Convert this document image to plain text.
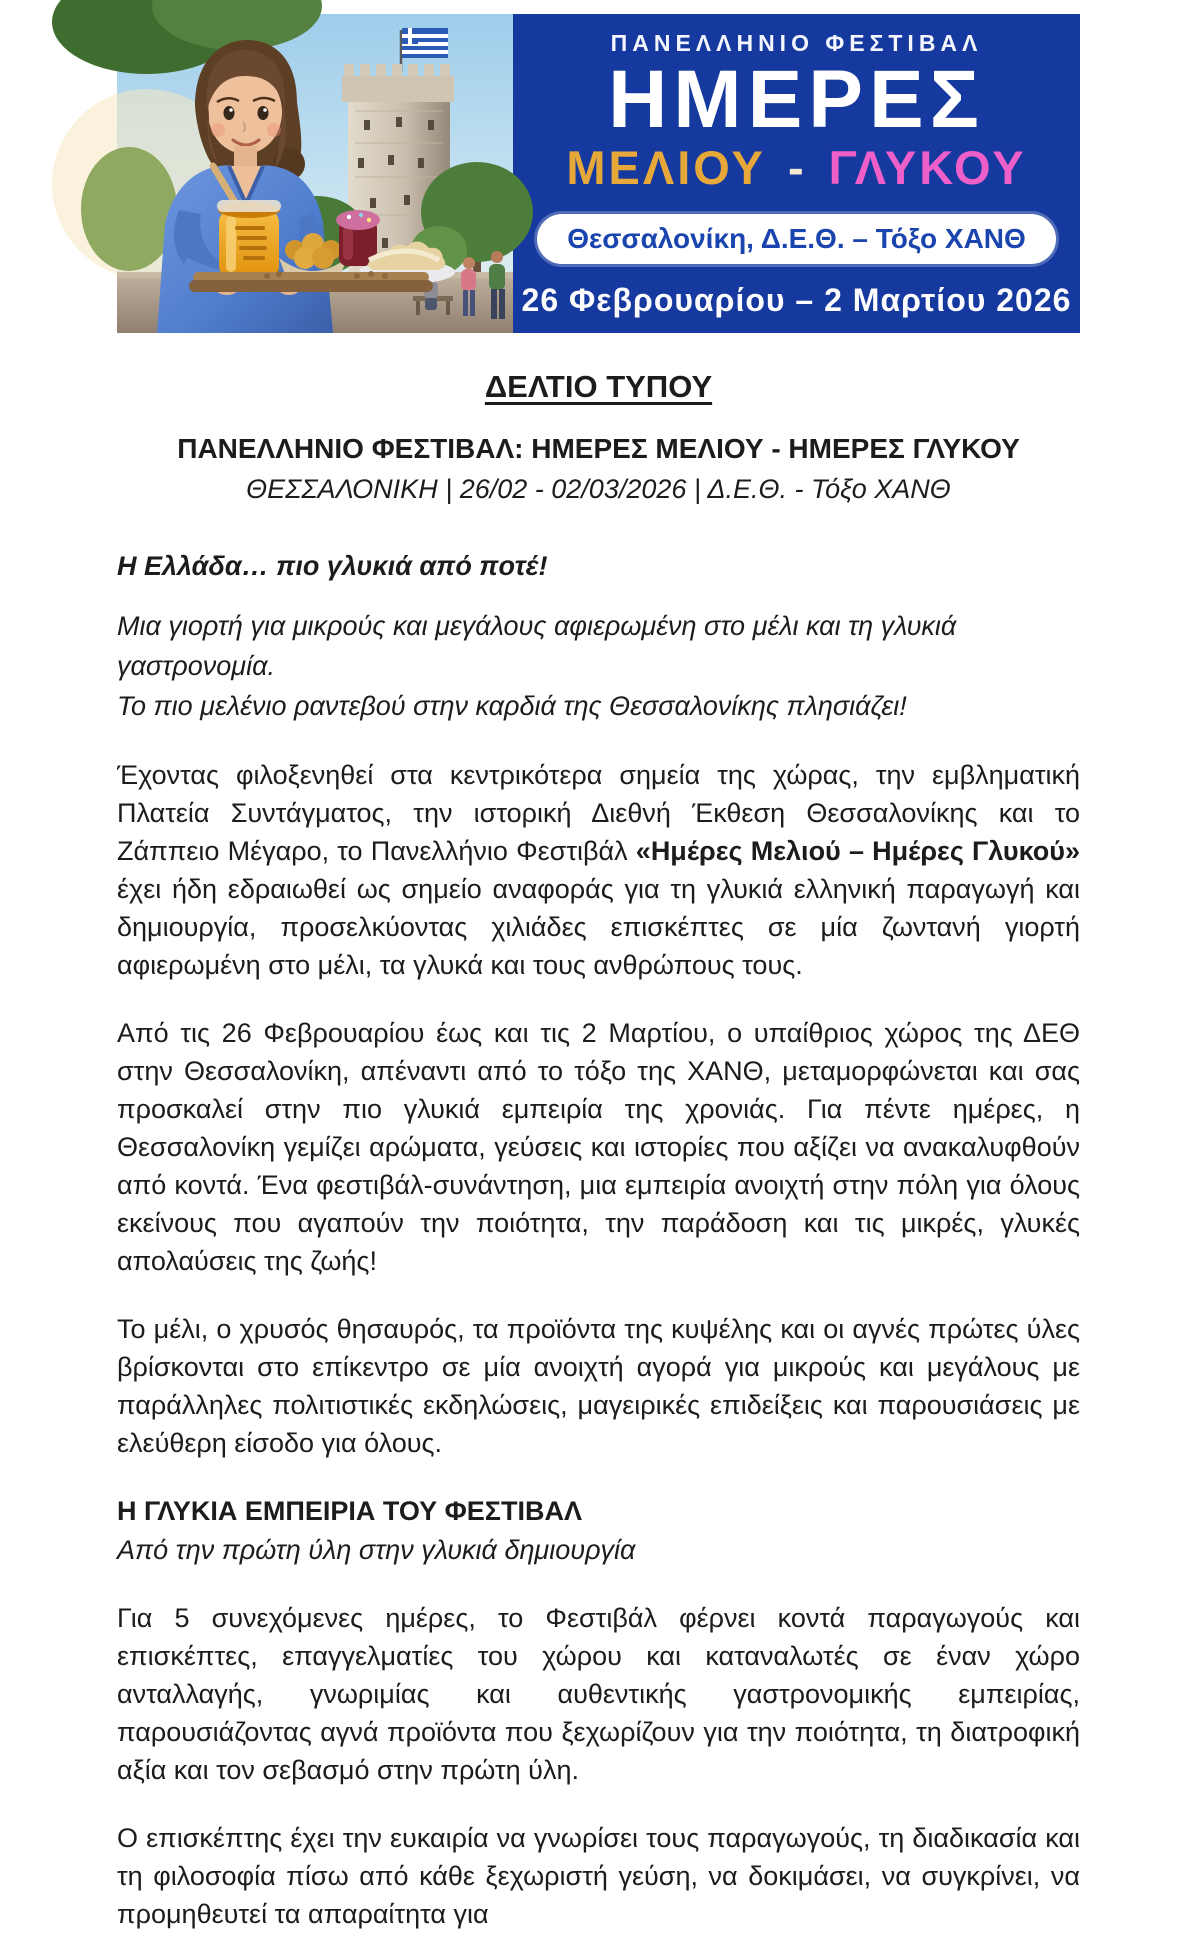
ΠΑΝΕΛΛΗΝΙΟ ΦΕΣΤΙΒΑΛ
ΗΜΕΡΕΣ
ΜΕΛΙΟΥ - ΓΛΥΚΟΥ
Θεσσαλονίκη, Δ.Ε.Θ. – Τόξο ΧΑΝΘ
26 Φεβρουαρίου – 2 Μαρτίου 2026
ΔΕΛΤΙΟ ΤΥΠΟΥ
ΠΑΝΕΛΛΗΝΙΟ ΦΕΣΤΙΒΑΛ: ΗΜΕΡΕΣ ΜΕΛΙΟΥ - ΗΜΕΡΕΣ ΓΛΥΚΟΥ
ΘΕΣΣΑΛΟΝΙΚΗ | 26/02 - 02/03/2026 | Δ.Ε.Θ. - Τόξο ΧΑΝΘ
Η Ελλάδα… πιο γλυκιά από ποτέ!
Μια γιορτή για μικρούς και μεγάλους αφιερωμένη στο μέλι και τη γλυκιά γαστρονομία.
Το πιο μελένιο ραντεβού στην καρδιά της Θεσσαλονίκης πλησιάζει!

Έχοντας φιλοξενηθεί στα κεντρικότερα σημεία της χώρας, την εμβληματική Πλατεία Συντάγματος, την ιστορική Διεθνή Έκθεση Θεσσαλονίκης και το Ζάππειο Μέγαρο, το Πανελλήνιο Φεστιβάλ «Ημέρες Μελιού – Ημέρες Γλυκού» έχει ήδη εδραιωθεί ως σημείο αναφοράς για τη γλυκιά ελληνική παραγωγή και δημιουργία, προσελκύοντας χιλιάδες επισκέπτες σε μία ζωντανή γιορτή αφιερωμένη στο μέλι, τα γλυκά και τους ανθρώπους τους.

Από τις 26 Φεβρουαρίου έως και τις 2 Μαρτίου, ο υπαίθριος χώρος της ΔΕΘ στην Θεσσαλονίκη, απέναντι από το τόξο της ΧΑΝΘ, μεταμορφώνεται και σας προσκαλεί στην πιο γλυκιά εμπειρία της χρονιάς. Για πέντε ημέρες, η Θεσσαλονίκη γεμίζει αρώματα, γεύσεις και ιστορίες που αξίζει να ανακαλυφθούν από κοντά. Ένα φεστιβάλ-συνάντηση, μια εμπειρία ανοιχτή στην πόλη για όλους εκείνους που αγαπούν την ποιότητα, την παράδοση και τις μικρές, γλυκές απολαύσεις της ζωής!

Το μέλι, ο χρυσός θησαυρός, τα προϊόντα της κυψέλης και οι αγνές πρώτες ύλες βρίσκονται στο επίκεντρο σε μία ανοιχτή αγορά για μικρούς και μεγάλους με παράλληλες πολιτιστικές εκδηλώσεις, μαγειρικές επιδείξεις και παρουσιάσεις με ελεύθερη είσοδο για όλους.

Η ΓΛΥΚΙΑ ΕΜΠΕΙΡΙΑ ΤΟΥ ΦΕΣΤΙΒΑΛ
Από την πρώτη ύλη στην γλυκιά δημιουργία

Για 5 συνεχόμενες ημέρες, το Φεστιβάλ φέρνει κοντά παραγωγούς και επισκέπτες, επαγγελματίες του χώρου και καταναλωτές σε έναν χώρο ανταλλαγής, γνωριμίας και αυθεντικής γαστρονομικής εμπειρίας, παρουσιάζοντας αγνά προϊόντα που ξεχωρίζουν για την ποιότητα, τη διατροφική αξία και τον σεβασμό στην πρώτη ύλη.

Ο επισκέπτης έχει την ευκαιρία να γνωρίσει τους παραγωγούς, τη διαδικασία και τη φιλοσοφία πίσω από κάθε ξεχωριστή γεύση, να δοκιμάσει, να συγκρίνει, να προμηθευτεί τα απαραίτητα για
